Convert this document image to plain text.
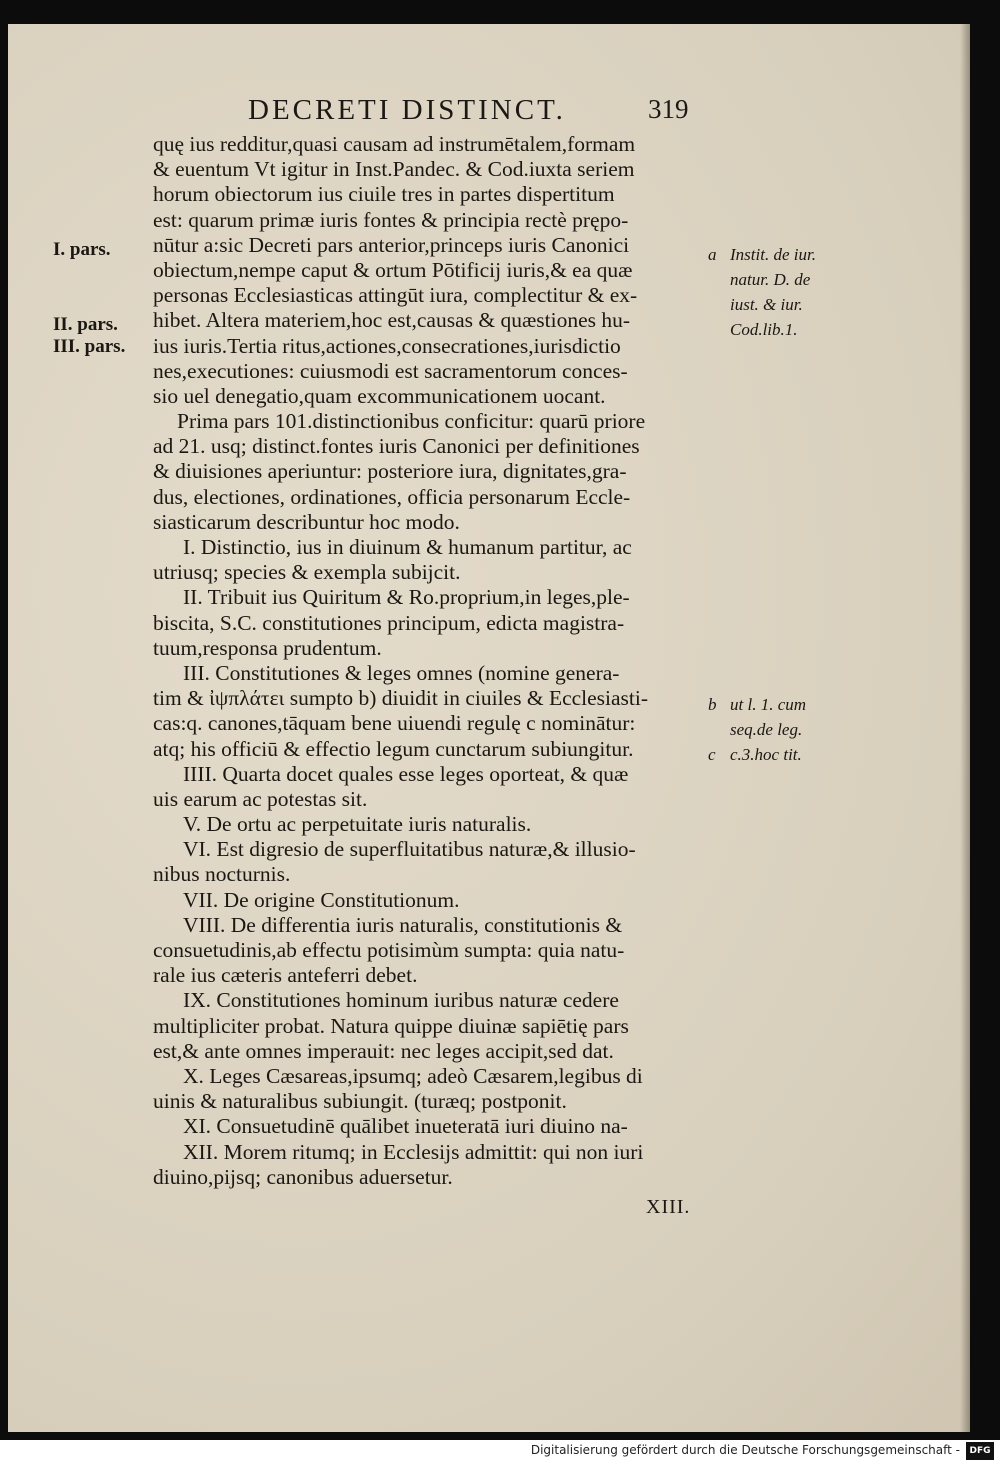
DECRETI DISTINCT.	319
I. pars.
II. pars.
III. pars.
quę ius redditur,quasi causam ad instrumētalem,formam
& euentum Vt igitur in Inst.Pandec. & Cod.iuxta seriem
horum obiectorum ius ciuile tres in partes dispertitum
est: quarum primæ iuris fontes & principia rectè prępo-
nūtur a:sic Decreti pars anterior,princeps iuris Canonici
obiectum,nempe caput & ortum Pōtificij iuris,& ea quæ
personas Ecclesiasticas attingūt iura, complectitur & ex-
hibet. Altera materiem,hoc est,causas & quæstiones hu-
ius iuris.Tertia ritus,actiones,consecrationes,iurisdictio
nes,executiones: cuiusmodi est sacramentorum conces-
sio uel denegatio,quam excommunicationem uocant.
Prima pars 101.distinctionibus conficitur: quarū priore
ad 21. usq; distinct.fontes iuris Canonici per definitiones
& diuisiones aperiuntur: posteriore iura, dignitates,gra-
dus, electiones, ordinationes, officia personarum Eccle-
siasticarum describuntur hoc modo.
I. Distinctio, ius in diuinum & humanum partitur, ac
utriusq; species & exempla subijcit.
II. Tribuit ius Quiritum & Ro.proprium,in leges,ple-
biscita, S.C. constitutiones principum, edicta magistra-
tuum,responsa prudentum.
III. Constitutiones & leges omnes (nomine genera-
tim & ἰψπλάτει sumpto b) diuidit in ciuiles & Ecclesiasti-
cas:q. canones,tāquam bene uiuendi regulę c nominātur:
atq; his officiū & effectio legum cunctarum subiungitur.
IIII. Quarta docet quales esse leges oporteat, & quæ
uis earum ac potestas sit.
V. De ortu ac perpetuitate iuris naturalis.
VI. Est digresio de superfluitatibus naturæ,& illusio-
nibus nocturnis.
VII. De origine Constitutionum.
VIII. De differentia iuris naturalis, constitutionis &
consuetudinis,ab effectu potisimùm sumpta: quia natu-
rale ius cæteris anteferri debet.
IX. Constitutiones hominum iuribus naturæ cedere
multipliciter probat. Natura quippe diuinæ sapiētię pars
est,& ante omnes imperauit: nec leges accipit,sed dat.
X. Leges Cæsareas,ipsumq; adeò Cæsarem,legibus di
uinis & naturalibus subiungit. (turæq; postponit.
XI. Consuetudinē quālibet inueteratā iuri diuino na-
XII. Morem ritumq; in Ecclesijs admittit: qui non iuri
diuino,pijsq; canonibus aduersetur.
a Instit. de iur.
natur. D. de
iust. & iur.
Cod.lib.1.
b ut l. 1. cum
seq.de leg.
c c.3.hoc tit.
XIII.
Digitalisierung gefördert durch die Deutsche Forschungsgemeinschaft -	DFG
